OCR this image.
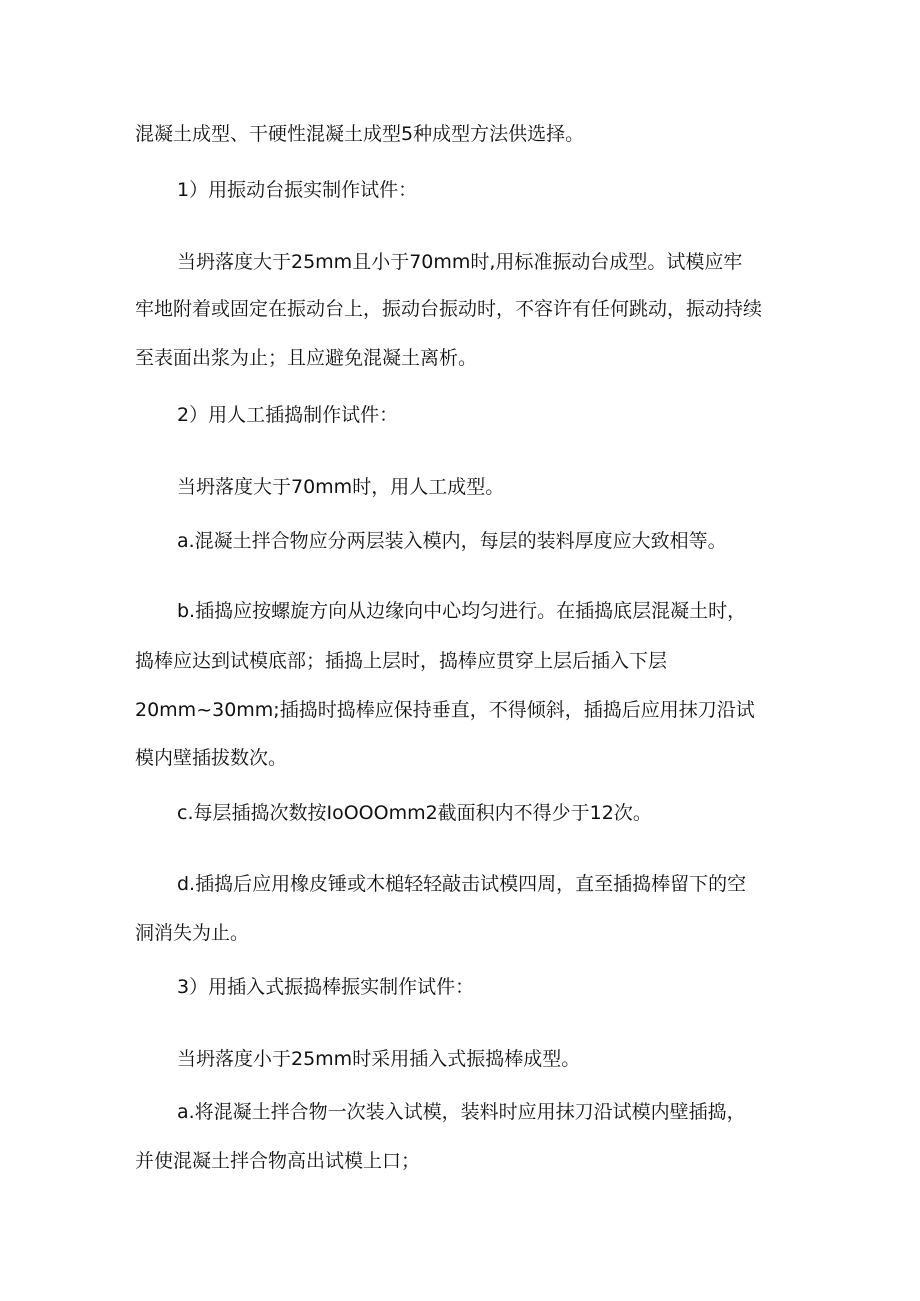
混凝土成型、干硬性混凝土成型5种成型方法供选择。
1）用振动台振实制作试件：
当坍落度大于25mm且小于70mm时,用标准振动台成型。试模应牢
牢地附着或固定在振动台上，振动台振动时，不容许有任何跳动，振动持续
至表面出浆为止；且应避免混凝土离析。
2）用人工插捣制作试件：
当坍落度大于70mm时，用人工成型。
a.混凝土拌合物应分两层装入模内，每层的装料厚度应大致相等。
b.插捣应按螺旋方向从边缘向中心均匀进行。在插捣底层混凝土时，
捣棒应达到试模底部；插捣上层时，捣棒应贯穿上层后插入下层
20mm~30mm;插捣时捣棒应保持垂直，不得倾斜，插捣后应用抹刀沿试
模内壁插拔数次。
c.每层插捣次数按IoOOOmm2截面积内不得少于12次。
d.插捣后应用橡皮锤或木槌轻轻敲击试模四周，直至插捣棒留下的空
洞消失为止。
3）用插入式振捣棒振实制作试件：
当坍落度小于25mm时采用插入式振捣棒成型。
a.将混凝土拌合物一次装入试模，装料时应用抹刀沿试模内壁插捣，
并使混凝土拌合物高出试模上口；
